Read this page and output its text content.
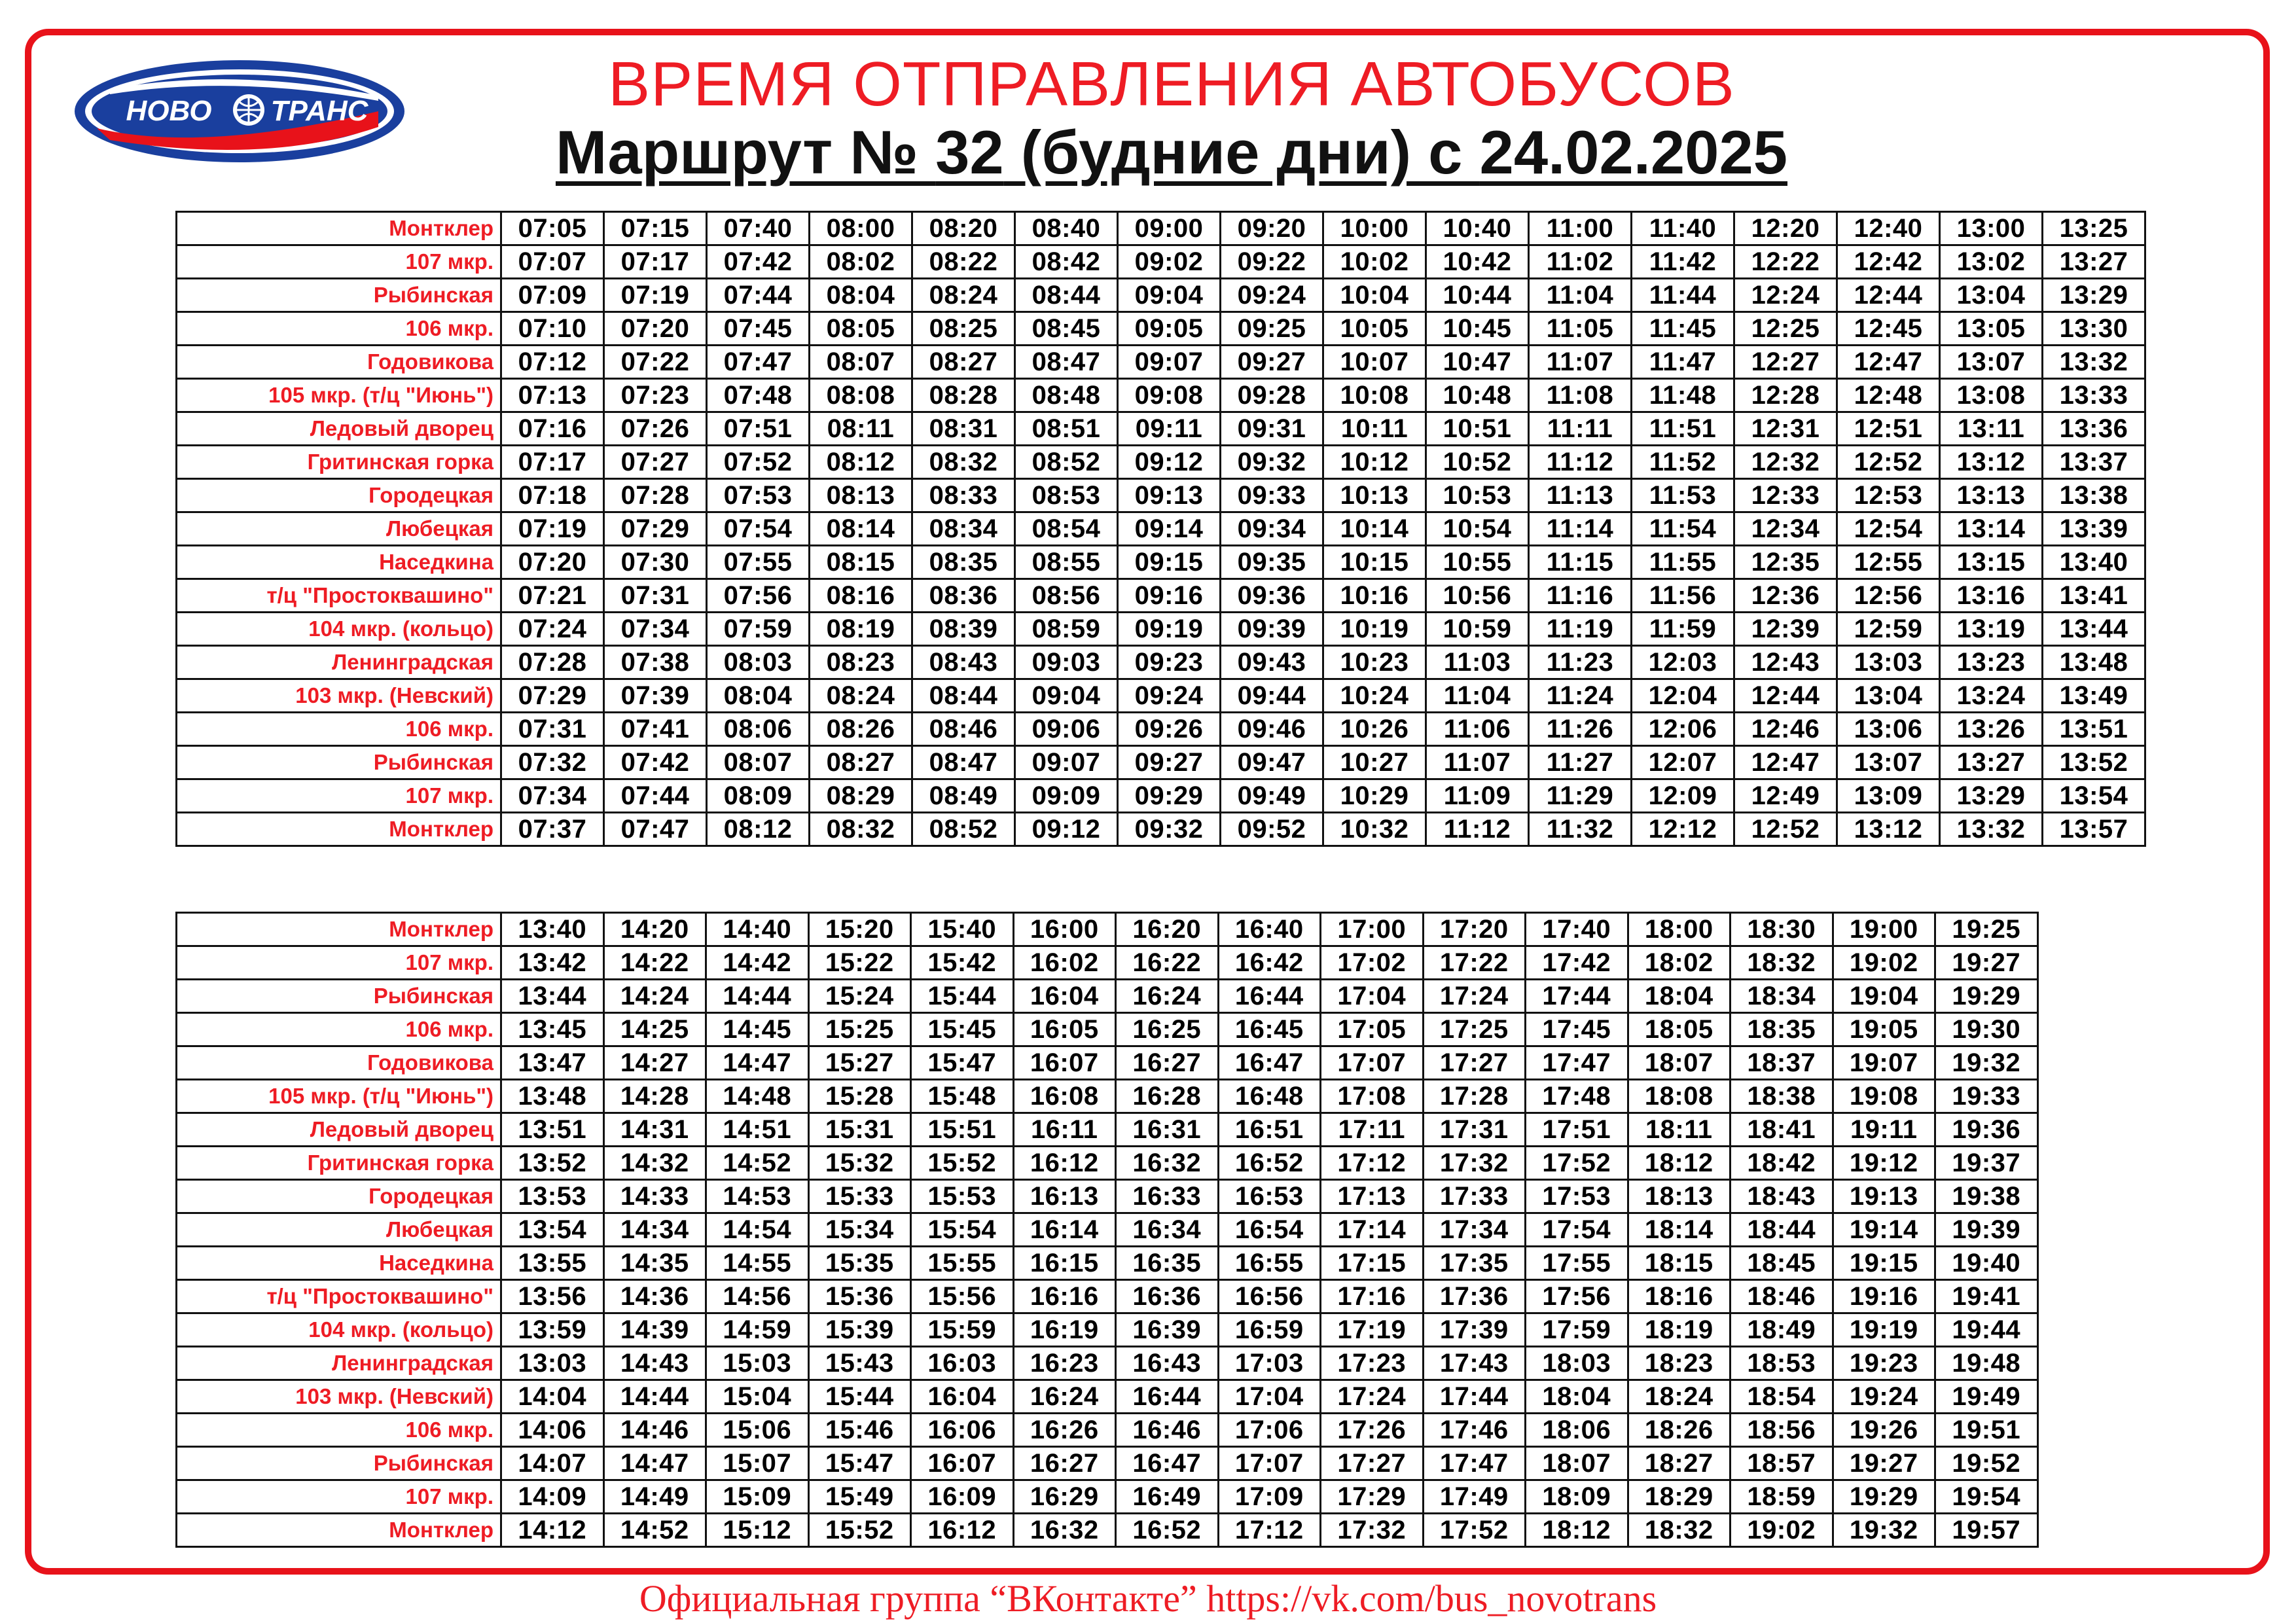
НОВО ТРАНС	ВРЕМЯ ОТПРАВЛЕНИЯ АВТОБУСОВ
Маршрут № 32 (будние дни) с 24.02.2025
Монтклер	07:05	07:15	07:40	08:00	08:20	08:40	09:00	09:20	10:00	10:40	11:00	11:40	12:20	12:40	13:00	13:25
107 мкр.	07:07	07:17	07:42	08:02	08:22	08:42	09:02	09:22	10:02	10:42	11:02	11:42	12:22	12:42	13:02	13:27
Рыбинская	07:09	07:19	07:44	08:04	08:24	08:44	09:04	09:24	10:04	10:44	11:04	11:44	12:24	12:44	13:04	13:29
106 мкр.	07:10	07:20	07:45	08:05	08:25	08:45	09:05	09:25	10:05	10:45	11:05	11:45	12:25	12:45	13:05	13:30
Годовикова	07:12	07:22	07:47	08:07	08:27	08:47	09:07	09:27	10:07	10:47	11:07	11:47	12:27	12:47	13:07	13:32
105 мкр. (т/ц "Июнь")	07:13	07:23	07:48	08:08	08:28	08:48	09:08	09:28	10:08	10:48	11:08	11:48	12:28	12:48	13:08	13:33
Ледовый дворец	07:16	07:26	07:51	08:11	08:31	08:51	09:11	09:31	10:11	10:51	11:11	11:51	12:31	12:51	13:11	13:36
Гритинская горка	07:17	07:27	07:52	08:12	08:32	08:52	09:12	09:32	10:12	10:52	11:12	11:52	12:32	12:52	13:12	13:37
Городецкая	07:18	07:28	07:53	08:13	08:33	08:53	09:13	09:33	10:13	10:53	11:13	11:53	12:33	12:53	13:13	13:38
Любецкая	07:19	07:29	07:54	08:14	08:34	08:54	09:14	09:34	10:14	10:54	11:14	11:54	12:34	12:54	13:14	13:39
Наседкина	07:20	07:30	07:55	08:15	08:35	08:55	09:15	09:35	10:15	10:55	11:15	11:55	12:35	12:55	13:15	13:40
т/ц "Простоквашино"	07:21	07:31	07:56	08:16	08:36	08:56	09:16	09:36	10:16	10:56	11:16	11:56	12:36	12:56	13:16	13:41
104 мкр. (кольцо)	07:24	07:34	07:59	08:19	08:39	08:59	09:19	09:39	10:19	10:59	11:19	11:59	12:39	12:59	13:19	13:44
Ленинградская	07:28	07:38	08:03	08:23	08:43	09:03	09:23	09:43	10:23	11:03	11:23	12:03	12:43	13:03	13:23	13:48
103 мкр. (Невский)	07:29	07:39	08:04	08:24	08:44	09:04	09:24	09:44	10:24	11:04	11:24	12:04	12:44	13:04	13:24	13:49
106 мкр.	07:31	07:41	08:06	08:26	08:46	09:06	09:26	09:46	10:26	11:06	11:26	12:06	12:46	13:06	13:26	13:51
Рыбинская	07:32	07:42	08:07	08:27	08:47	09:07	09:27	09:47	10:27	11:07	11:27	12:07	12:47	13:07	13:27	13:52
107 мкр.	07:34	07:44	08:09	08:29	08:49	09:09	09:29	09:49	10:29	11:09	11:29	12:09	12:49	13:09	13:29	13:54
Монтклер	07:37	07:47	08:12	08:32	08:52	09:12	09:32	09:52	10:32	11:12	11:32	12:12	12:52	13:12	13:32	13:57
Монтклер	13:40	14:20	14:40	15:20	15:40	16:00	16:20	16:40	17:00	17:20	17:40	18:00	18:30	19:00	19:25
107 мкр.	13:42	14:22	14:42	15:22	15:42	16:02	16:22	16:42	17:02	17:22	17:42	18:02	18:32	19:02	19:27
Рыбинская	13:44	14:24	14:44	15:24	15:44	16:04	16:24	16:44	17:04	17:24	17:44	18:04	18:34	19:04	19:29
106 мкр.	13:45	14:25	14:45	15:25	15:45	16:05	16:25	16:45	17:05	17:25	17:45	18:05	18:35	19:05	19:30
Годовикова	13:47	14:27	14:47	15:27	15:47	16:07	16:27	16:47	17:07	17:27	17:47	18:07	18:37	19:07	19:32
105 мкр. (т/ц "Июнь")	13:48	14:28	14:48	15:28	15:48	16:08	16:28	16:48	17:08	17:28	17:48	18:08	18:38	19:08	19:33
Ледовый дворец	13:51	14:31	14:51	15:31	15:51	16:11	16:31	16:51	17:11	17:31	17:51	18:11	18:41	19:11	19:36
Гритинская горка	13:52	14:32	14:52	15:32	15:52	16:12	16:32	16:52	17:12	17:32	17:52	18:12	18:42	19:12	19:37
Городецкая	13:53	14:33	14:53	15:33	15:53	16:13	16:33	16:53	17:13	17:33	17:53	18:13	18:43	19:13	19:38
Любецкая	13:54	14:34	14:54	15:34	15:54	16:14	16:34	16:54	17:14	17:34	17:54	18:14	18:44	19:14	19:39
Наседкина	13:55	14:35	14:55	15:35	15:55	16:15	16:35	16:55	17:15	17:35	17:55	18:15	18:45	19:15	19:40
т/ц "Простоквашино"	13:56	14:36	14:56	15:36	15:56	16:16	16:36	16:56	17:16	17:36	17:56	18:16	18:46	19:16	19:41
104 мкр. (кольцо)	13:59	14:39	14:59	15:39	15:59	16:19	16:39	16:59	17:19	17:39	17:59	18:19	18:49	19:19	19:44
Ленинградская	13:03	14:43	15:03	15:43	16:03	16:23	16:43	17:03	17:23	17:43	18:03	18:23	18:53	19:23	19:48
103 мкр. (Невский)	14:04	14:44	15:04	15:44	16:04	16:24	16:44	17:04	17:24	17:44	18:04	18:24	18:54	19:24	19:49
106 мкр.	14:06	14:46	15:06	15:46	16:06	16:26	16:46	17:06	17:26	17:46	18:06	18:26	18:56	19:26	19:51
Рыбинская	14:07	14:47	15:07	15:47	16:07	16:27	16:47	17:07	17:27	17:47	18:07	18:27	18:57	19:27	19:52
107 мкр.	14:09	14:49	15:09	15:49	16:09	16:29	16:49	17:09	17:29	17:49	18:09	18:29	18:59	19:29	19:54
Монтклер	14:12	14:52	15:12	15:52	16:12	16:32	16:52	17:12	17:32	17:52	18:12	18:32	19:02	19:32	19:57
Официальная группа “ВКонтакте” https://vk.com/bus_novotrans
